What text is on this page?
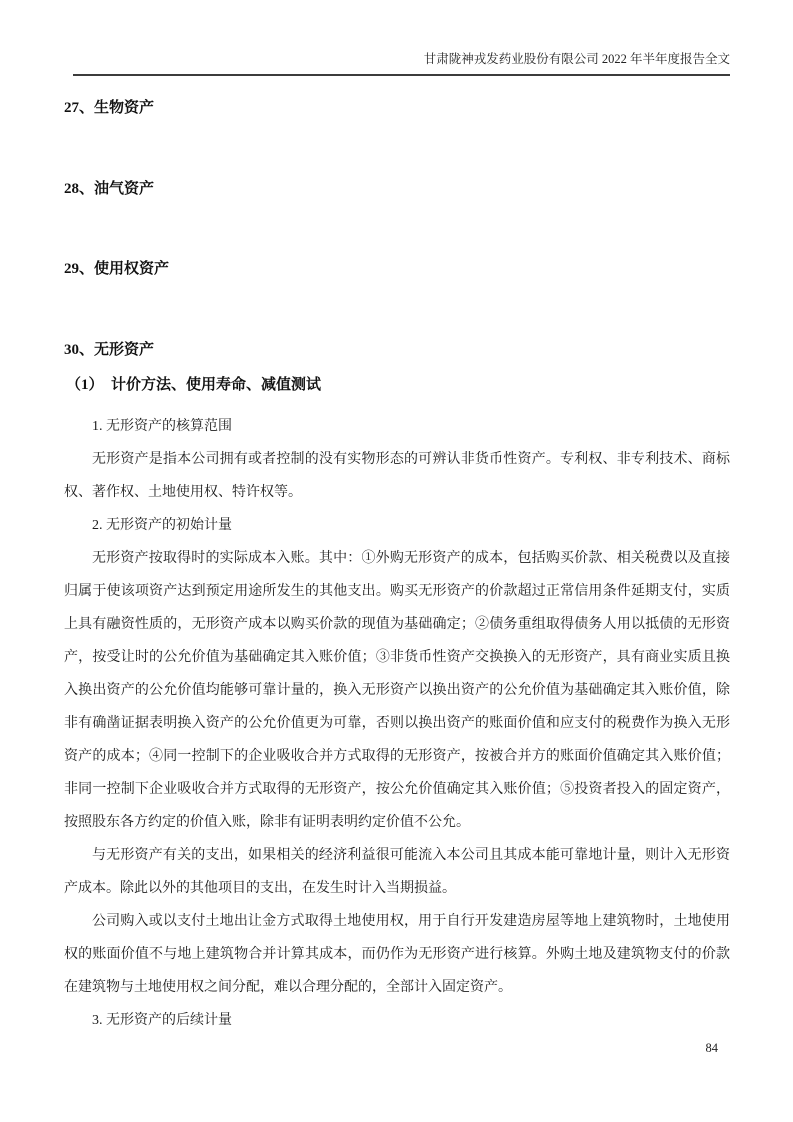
甘肃陇神戎发药业股份有限公司 2022 年半年度报告全文
27、生物资产
28、油气资产
29、使用权资产
30、无形资产
（1）　计价方法、使用寿命、减值测试

1. 无形资产的核算范围

无形资产是指本公司拥有或者控制的没有实物形态的可辨认非货币性资产。专利权、非专利技术、商标权、著作权、土地使用权、特许权等。

2. 无形资产的初始计量

无形资产按取得时的实际成本入账。其中：①外购无形资产的成本，包括购买价款、相关税费以及直接归属于使该项资产达到预定用途所发生的其他支出。购买无形资产的价款超过正常信用条件延期支付，实质上具有融资性质的，无形资产成本以购买价款的现值为基础确定；②债务重组取得债务人用以抵债的无形资产，按受让时的公允价值为基础确定其入账价值；③非货币性资产交换换入的无形资产，具有商业实质且换入换出资产的公允价值均能够可靠计量的，换入无形资产以换出资产的公允价值为基础确定其入账价值，除非有确凿证据表明换入资产的公允价值更为可靠，否则以换出资产的账面价值和应支付的税费作为换入无形资产的成本；④同一控制下的企业吸收合并方式取得的无形资产，按被合并方的账面价值确定其入账价值；非同一控制下企业吸收合并方式取得的无形资产，按公允价值确定其入账价值；⑤投资者投入的固定资产，按照股东各方约定的价值入账，除非有证明表明约定价值不公允。

与无形资产有关的支出，如果相关的经济利益很可能流入本公司且其成本能可靠地计量，则计入无形资产成本。除此以外的其他项目的支出，在发生时计入当期损益。

公司购入或以支付土地出让金方式取得土地使用权，用于自行开发建造房屋等地上建筑物时，土地使用权的账面价值不与地上建筑物合并计算其成本，而仍作为无形资产进行核算。外购土地及建筑物支付的价款在建筑物与土地使用权之间分配，难以合理分配的，全部计入固定资产。

3. 无形资产的后续计量

84
